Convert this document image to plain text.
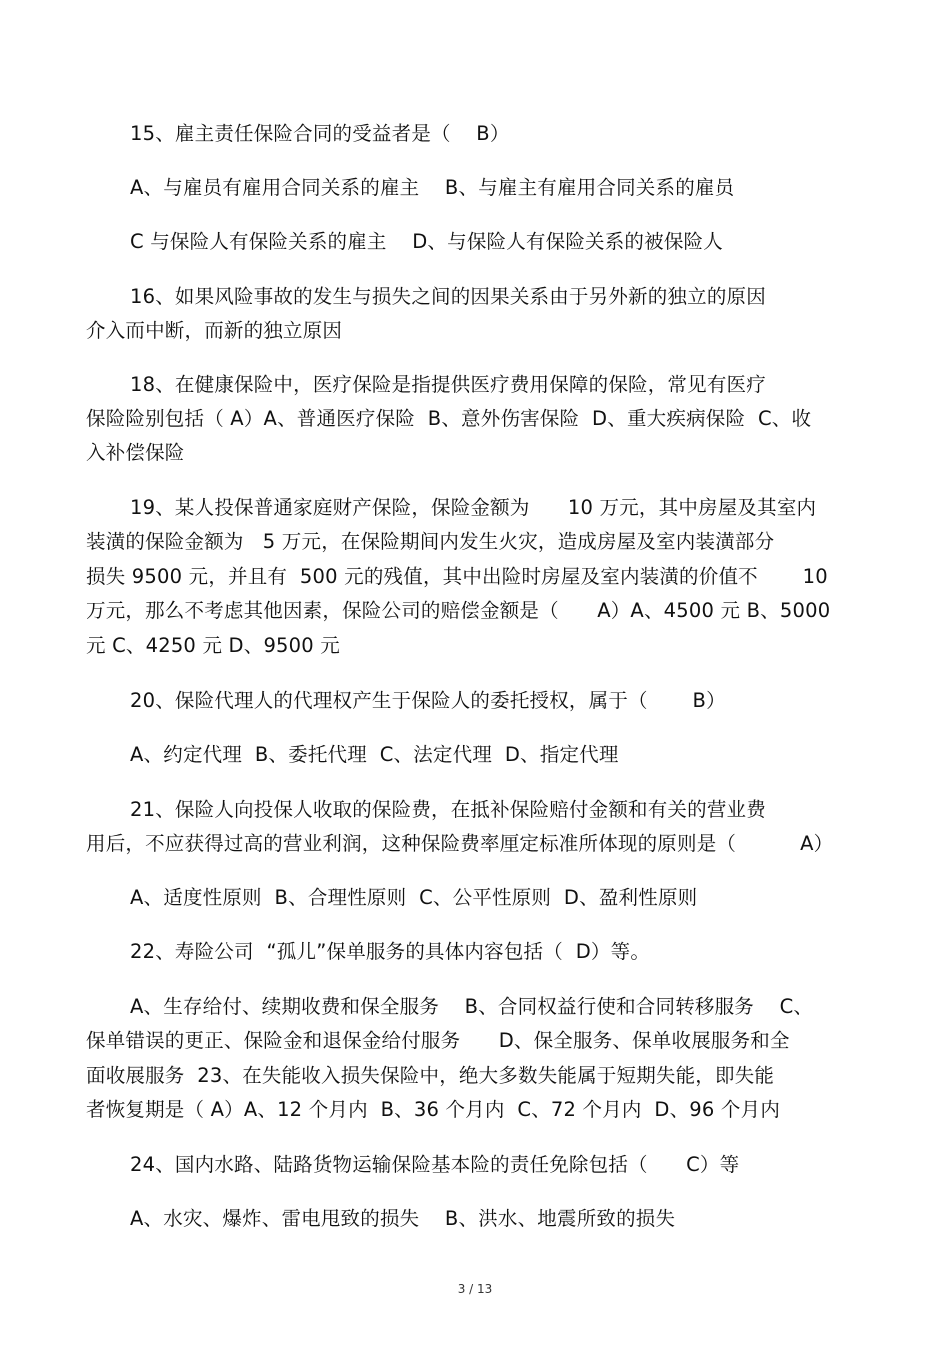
15、雇主责任保险合同的受益者是（    B）
A、与雇员有雇用合同关系的雇主    B、与雇主有雇用合同关系的雇员
C 与保险人有保险关系的雇主    D、与保险人有保险关系的被保险人
16、如果风险事故的发生与损失之间的因果关系由于另外新的独立的原因
介入而中断，而新的独立原因
18、在健康保险中，医疗保险是指提供医疗费用保障的保险，常见有医疗
保险险别包括（ A）A、普通医疗保险  B、意外伤害保险  D、重大疾病保险  C、收
入补偿保险
19、某人投保普通家庭财产保险，保险金额为      10 万元，其中房屋及其室内
装潢的保险金额为   5 万元，在保险期间内发生火灾，造成房屋及室内装潢部分
损失 9500 元，并且有  500 元的残值，其中出险时房屋及室内装潢的价值不       10
万元，那么不考虑其他因素，保险公司的赔偿金额是（      A）A、4500 元 B、5000
元 C、4250 元 D、9500 元
20、保险代理人的代理权产生于保险人的委托授权，属于（       B）
A、约定代理  B、委托代理  C、法定代理  D、指定代理
21、保险人向投保人收取的保险费，在抵补保险赔付金额和有关的营业费
用后，不应获得过高的营业利润，这种保险费率厘定标准所体现的原则是（          A）
A、适度性原则  B、合理性原则  C、公平性原则  D、盈利性原则
22、寿险公司  “孤儿”保单服务的具体内容包括（  D）等。
A、生存给付、续期收费和保全服务    B、合同权益行使和合同转移服务    C、
保单错误的更正、保险金和退保金给付服务      D、保全服务、保单收展服务和全
面收展服务  23、在失能收入损失保险中，绝大多数失能属于短期失能，即失能
者恢复期是（ A）A、12 个月内  B、36 个月内  C、72 个月内  D、96 个月内
24、国内水路、陆路货物运输保险基本险的责任免除包括（      C）等
A、水灾、爆炸、雷电甩致的损失    B、洪水、地震所致的损失
3 / 13
